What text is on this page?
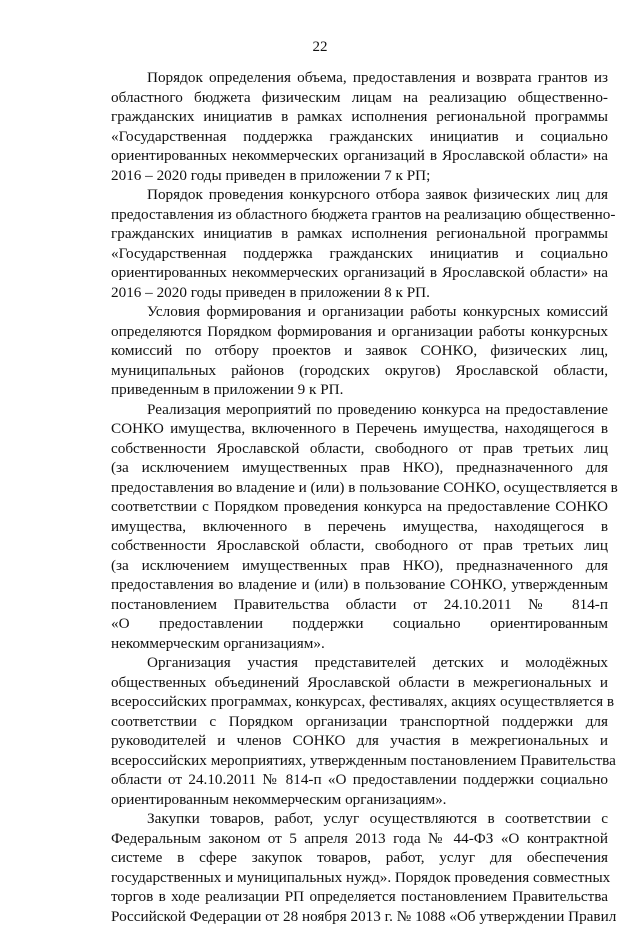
22
Порядок определения объема, предоставления и возврата грантов из
областного бюджета физическим лицам на реализацию общественно-
гражданских инициатив в рамках исполнения региональной программы
«Государственная поддержка гражданских инициатив и социально
ориентированных некоммерческих организаций в Ярославской области» на
2016 – 2020 годы приведен в приложении 7 к РП;
Порядок проведения конкурсного отбора заявок физических лиц для
предоставления из областного бюджета грантов на реализацию общественно-
гражданских инициатив в рамках исполнения региональной программы
«Государственная поддержка гражданских инициатив и социально
ориентированных некоммерческих организаций в Ярославской области» на
2016 – 2020 годы приведен в приложении 8 к РП.
Условия формирования и организации работы конкурсных комиссий
определяются Порядком формирования и организации работы конкурсных
комиссий по отбору проектов и заявок СОНКО, физических лиц,
муниципальных районов (городских округов) Ярославской области,
приведенным в приложении 9 к РП.
Реализация мероприятий по проведению конкурса на предоставление
СОНКО имущества, включенного в Перечень имущества, находящегося в
собственности Ярославской области, свободного от прав третьих лиц
(за исключением имущественных прав НКО), предназначенного для
предоставления во владение и (или) в пользование СОНКО, осуществляется в
соответствии с Порядком проведения конкурса на предоставление СОНКО
имущества, включенного в перечень имущества, находящегося в
собственности Ярославской области, свободного от прав третьих лиц
(за исключением имущественных прав НКО), предназначенного для
предоставления во владение и (или) в пользование СОНКО, утвержденным
постановлением Правительства области от 24.10.2011 № 814-п
«О предоставлении поддержки социально ориентированным
некоммерческим организациям».
Организация участия представителей детских и молодёжных
общественных объединений Ярославской области в межрегиональных и
всероссийских программах, конкурсах, фестивалях, акциях осуществляется в
соответствии с Порядком организации транспортной поддержки для
руководителей и членов СОНКО для участия в межрегиональных и
всероссийских мероприятиях, утвержденным постановлением Правительства
области от 24.10.2011 № 814-п «О предоставлении поддержки социально
ориентированным некоммерческим организациям».
Закупки товаров, работ, услуг осуществляются в соответствии с
Федеральным законом от 5 апреля 2013 года № 44-ФЗ «О контрактной
системе в сфере закупок товаров, работ, услуг для обеспечения
государственных и муниципальных нужд». Порядок проведения совместных
торгов в ходе реализации РП определяется постановлением Правительства
Российской Федерации от 28 ноября 2013 г. № 1088 «Об утверждении Правил
